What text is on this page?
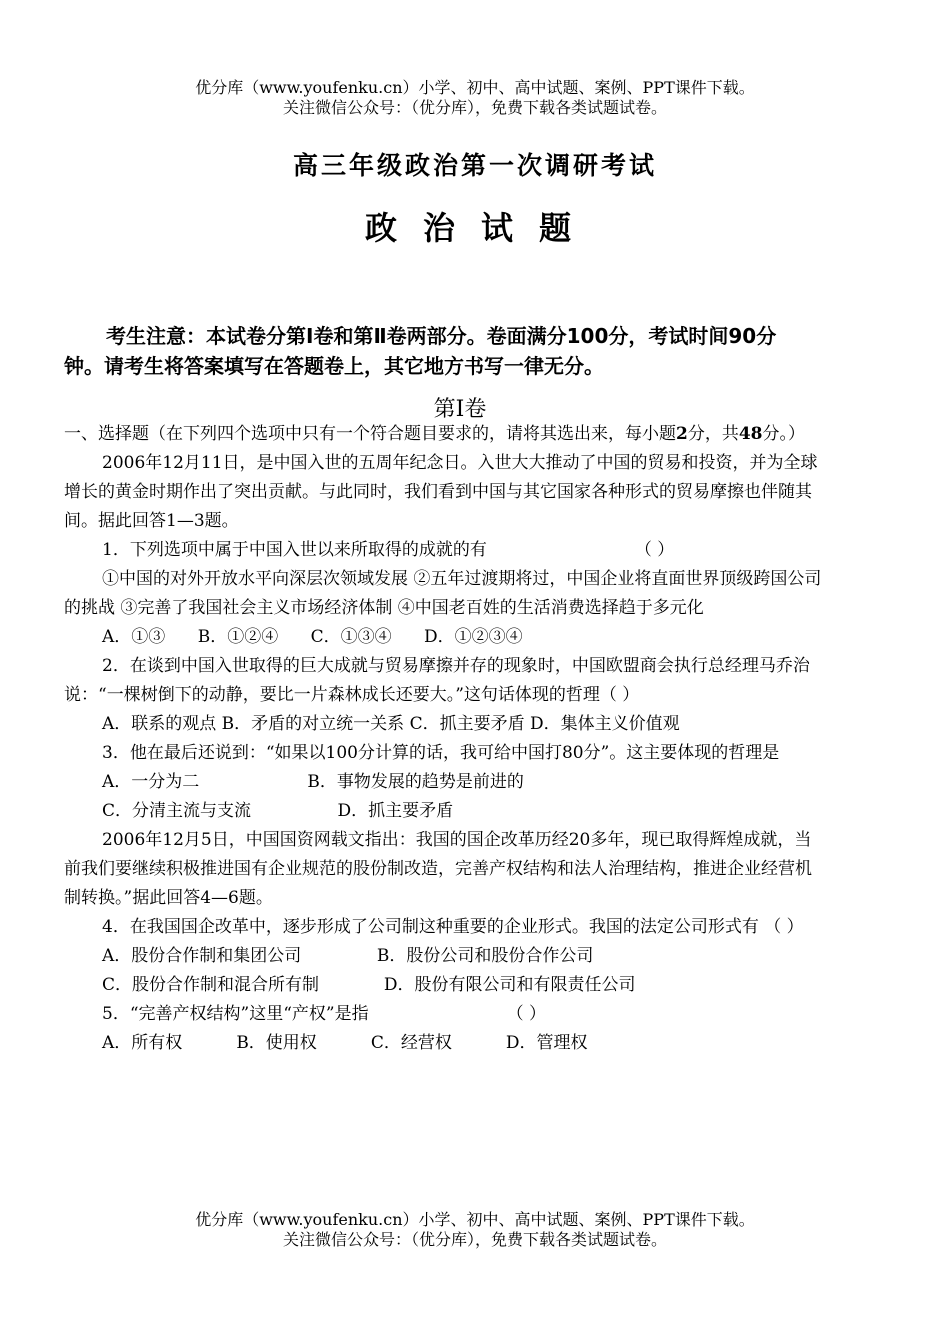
优分库（www.youfenku.cn）小学、初中、高中试题、案例、PPT课件下载。
关注微信公众号：（优分库），免费下载各类试题试卷。
高三年级政治第一次调研考试
政治试题
考生注意：本试卷分第Ⅰ卷和第Ⅱ卷两部分。卷面满分100分，考试时间90分钟。请考生将答案填写在答题卷上，其它地方书写一律无分。
第Ⅰ卷

一、选择题（在下列四个选项中只有一个符合题目要求的，请将其选出来，每小题2分，共48分。）

2006年12月11日，是中国入世的五周年纪念日。入世大大推动了中国的贸易和投资，并为全球增长的黄金时期作出了突出贡献。与此同时，我们看到中国与其它国家各种形式的贸易摩擦也伴随其间。据此回答1—3题。

1．下列选项中属于中国入世以来所取得的成就的有	（ ）

①中国的对外开放水平向深层次领域发展 ②五年过渡期将过，中国企业将直面世界顶级跨国公司的挑战 ③完善了我国社会主义市场经济体制 ④中国老百姓的生活消费选择趋于多元化

A．①③      B．①②④      C．①③④      D．①②③④

2．在谈到中国入世取得的巨大成就与贸易摩擦并存的现象时，中国欧盟商会执行总经理马乔治说：“一棵树倒下的动静，要比一片森林成长还要大。”这句话体现的哲理（ ）

A．联系的观点 B．矛盾的对立统一关系 C．抓主要矛盾 D．集体主义价值观

3．他在最后还说到：“如果以100分计算的话，我可给中国打80分”。这主要体现的哲理是

A．一分为二                    B．事物发展的趋势是前进的

C．分清主流与支流                D．抓主要矛盾

2006年12月5日，中国国资网载文指出：我国的国企改革历经20多年，现已取得辉煌成就，当前我们要继续积极推进国有企业规范的股份制改造，完善产权结构和法人治理结构，推进企业经营机制转换。”据此回答4—6题。

4．在我国国企改革中，逐步形成了公司制这种重要的企业形式。我国的法定公司形式有 （ ）

A．股份合作制和集团公司              B．股份公司和股份合作公司

C．股份合作制和混合所有制            D．股份有限公司和有限责任公司

5．“完善产权结构”这里“产权”是指	（ ）

A．所有权          B．使用权          C．经营权          D．管理权

优分库（www.youfenku.cn）小学、初中、高中试题、案例、PPT课件下载。
关注微信公众号：（优分库），免费下载各类试题试卷。
